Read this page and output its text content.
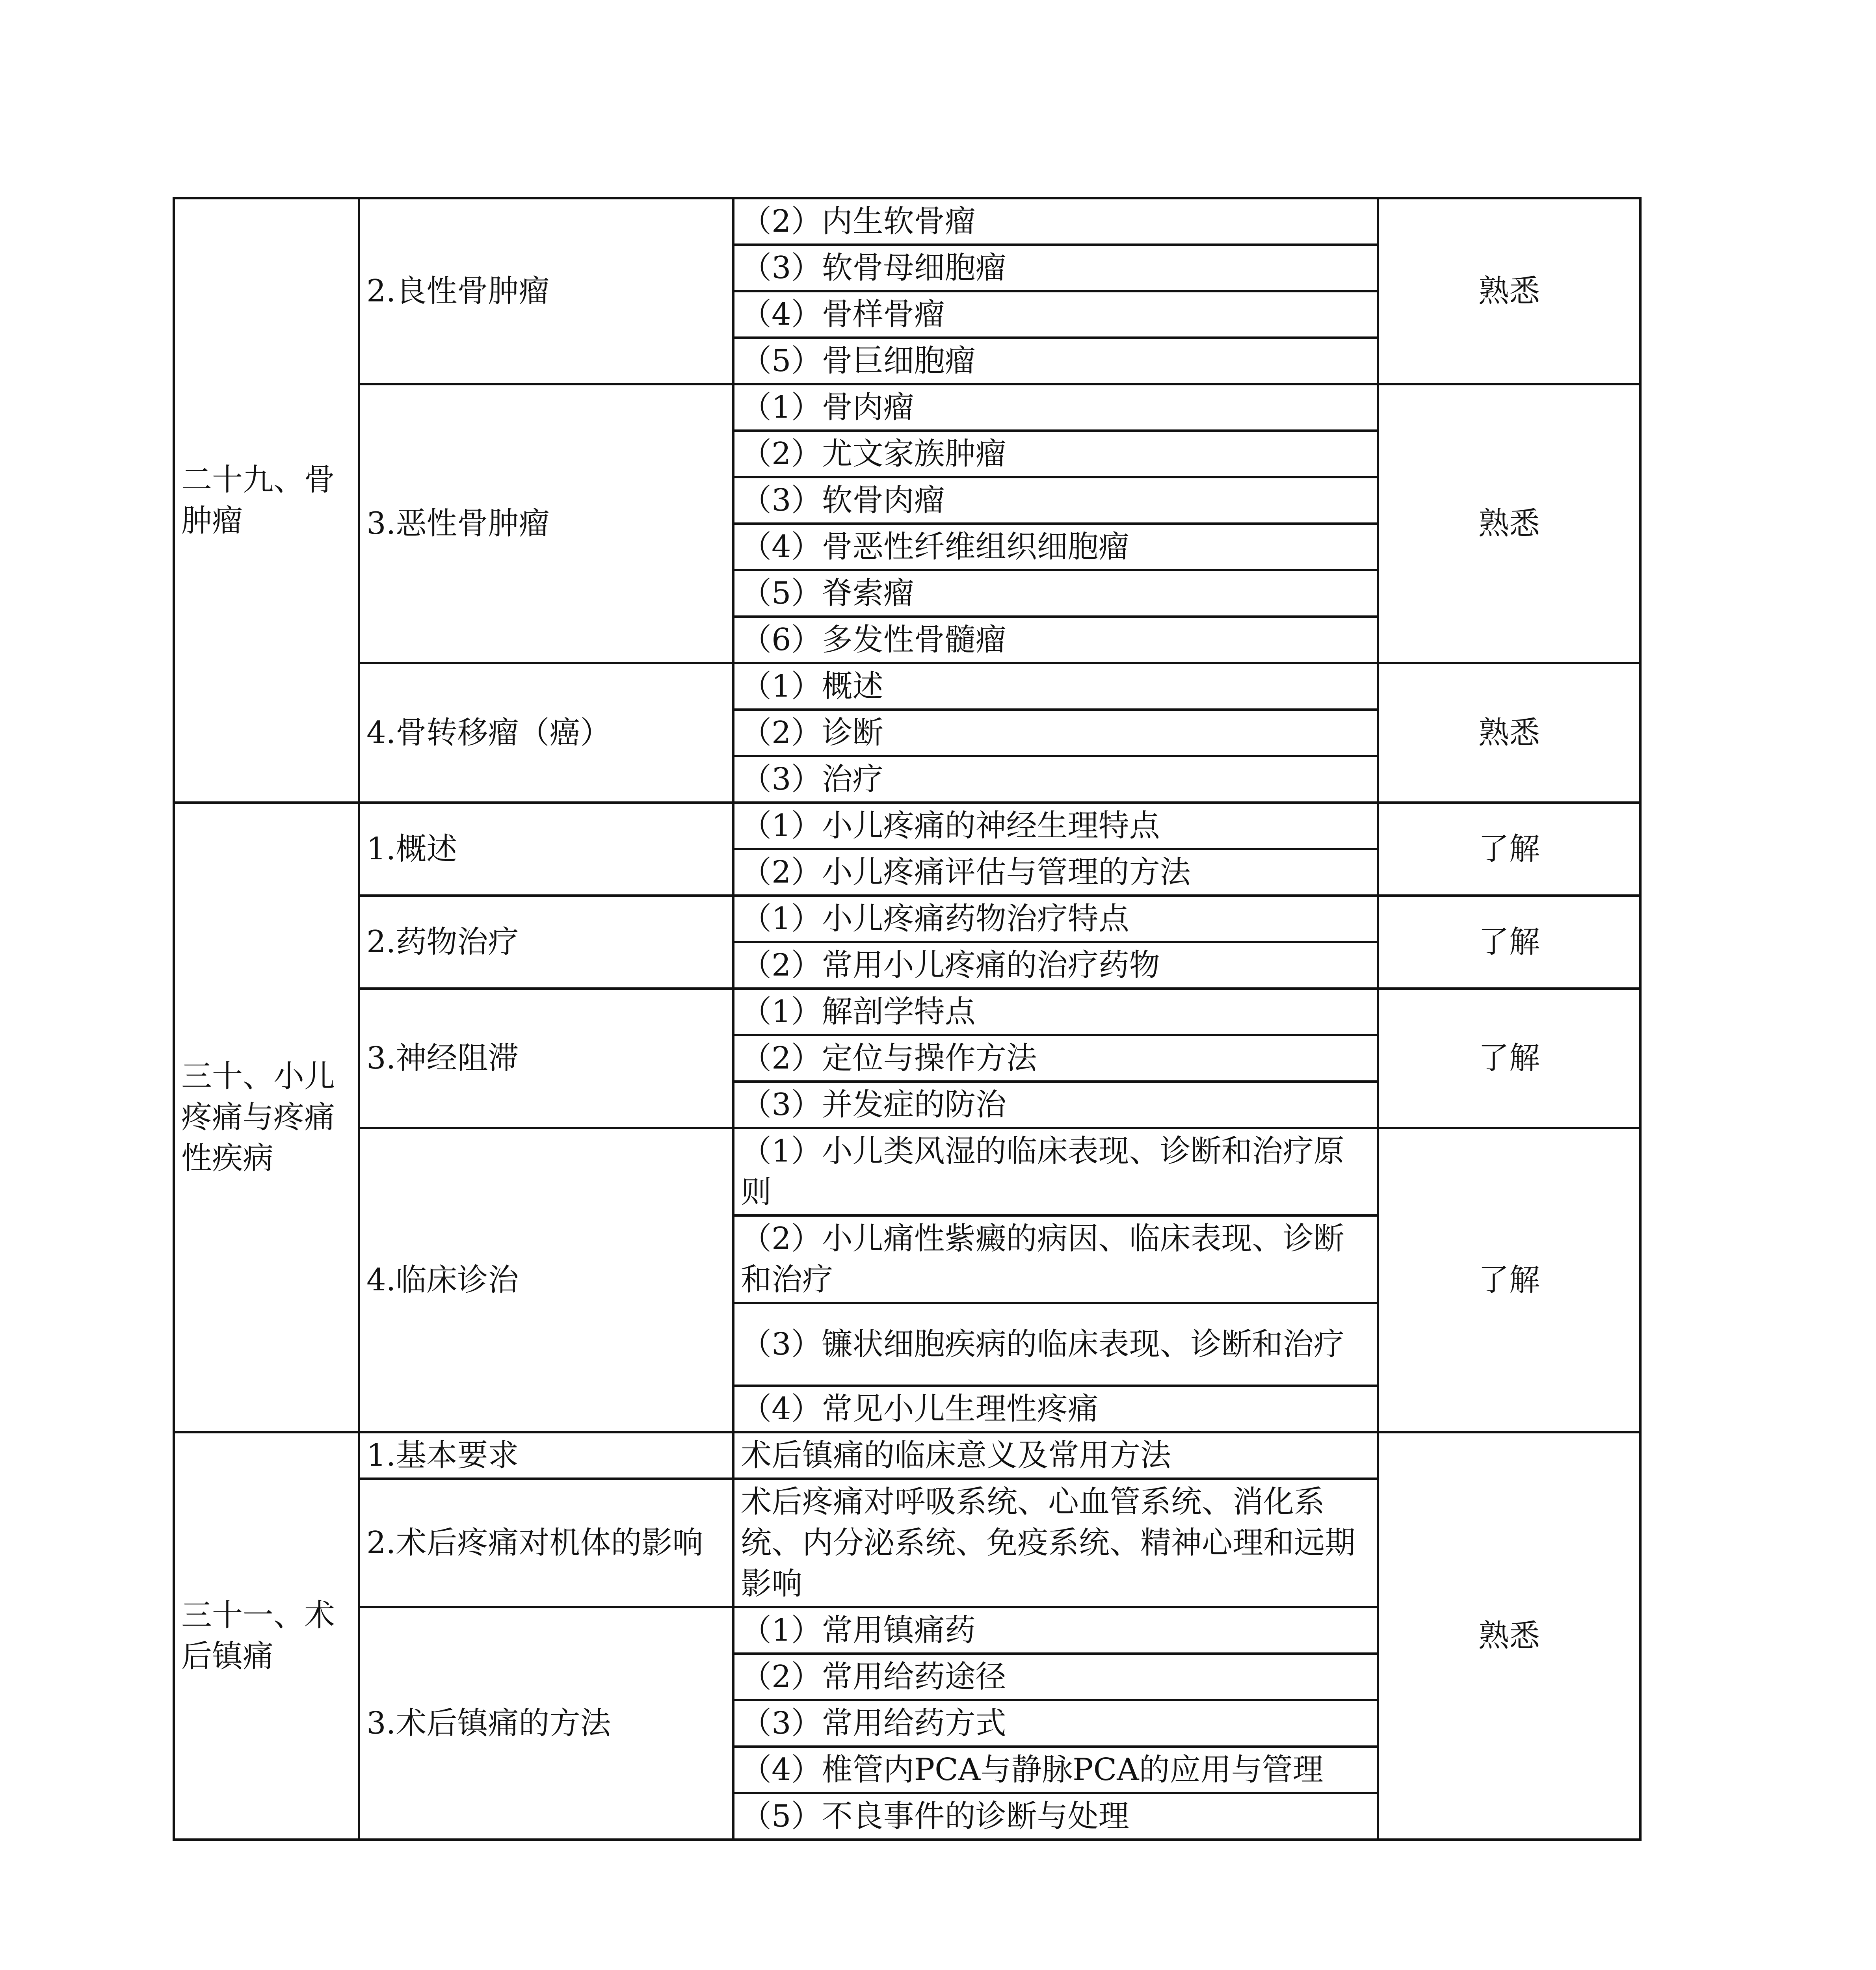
二十九、骨肿瘤	2.良性骨肿瘤	（2）内生软骨瘤	熟悉
		（3）软骨母细胞瘤	
		（4）骨样骨瘤	
		（5）骨巨细胞瘤	
	3.恶性骨肿瘤	（1）骨肉瘤	熟悉
		（2）尤文家族肿瘤	
		（3）软骨肉瘤	
		（4）骨恶性纤维组织细胞瘤	
		（5）脊索瘤	
		（6）多发性骨髓瘤	
	4.骨转移瘤（癌）	（1）概述	熟悉
		（2）诊断	
		（3）治疗	
三十、小儿疼痛与疼痛性疾病	1.概述	（1）小儿疼痛的神经生理特点	了解
		（2）小儿疼痛评估与管理的方法	
	2.药物治疗	（1）小儿疼痛药物治疗特点	了解
		（2）常用小儿疼痛的治疗药物	
	3.神经阻滞	（1）解剖学特点	了解
		（2）定位与操作方法	
		（3）并发症的防治	
	4.临床诊治	（1）小儿类风湿的临床表现、诊断和治疗原则	了解
		（2）小儿痛性紫癜的病因、临床表现、诊断和治疗	
		（3）镰状细胞疾病的临床表现、诊断和治疗	
		（4）常见小儿生理性疼痛	
三十一、术后镇痛	1.基本要求	术后镇痛的临床意义及常用方法	熟悉
	2.术后疼痛对机体的影响	术后疼痛对呼吸系统、心血管系统、消化系统、内分泌系统、免疫系统、精神心理和远期影响	
	3.术后镇痛的方法	（1）常用镇痛药	
		（2）常用给药途径	
		（3）常用给药方式	
		（4）椎管内PCA与静脉PCA的应用与管理	
		（5）不良事件的诊断与处理	
